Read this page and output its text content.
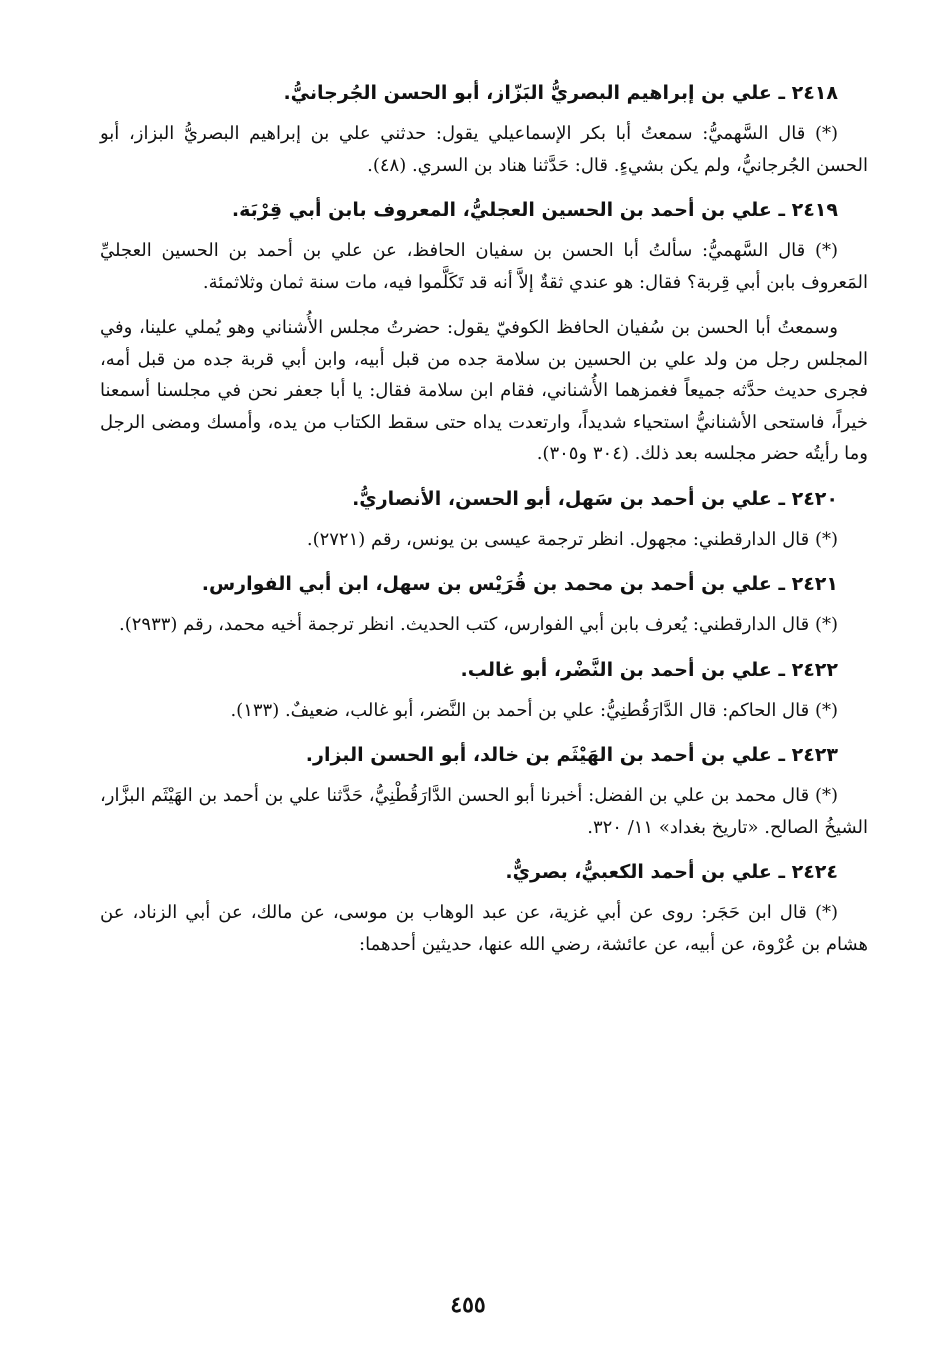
٢٤١٨ ـ علي بن إبراهيم البصريُّ البَزّاز، أبو الحسن الجُرجانيُّ.

(*) قال السَّهميُّ: سمعتُ أبا بكر الإسماعيلي يقول: حدثني علي بن إبراهيم البصريُّ البزاز، أبو الحسن الجُرجانيُّ، ولم يكن بشيءٍ. قال: حَدَّثنا هناد بن السري. (٤٨).

٢٤١٩ ـ علي بن أحمد بن الحسين العجليُّ، المعروف بابن أبي قِرْبَة.

(*) قال السَّهميُّ: سألتُ أبا الحسن بن سفيان الحافظ، عن علي بن أحمد بن الحسين العجليِّ المَعروف بابن أبي قِربة؟ فقال: هو عندي ثقةٌ إلاَّ أنه قد تَكَلَّموا فيه، مات سنة ثمان وثلاثمئة.

وسمعتُ أبا الحسن بن سُفيان الحافظ الكوفيّ يقول: حضرتُ مجلس الأُشناني وهو يُملي علينا، وفي المجلس رجل من ولد علي بن الحسين بن سلامة جده من قبل أبيه، وابن أبي قربة جده من قبل أمه، فجرى حديث حدَّثه جميعاً فغمزهما الأُشناني، فقام ابن سلامة فقال: يا أبا جعفر نحن في مجلسنا أسمعنا خيراً، فاستحى الأشنانيُّ استحياء شديداً، وارتعدت يداه حتى سقط الكتاب من يده، وأمسك ومضى الرجل وما رأيتُه حضر مجلسه بعد ذلك. (٣٠٤ و٣٠٥).

٢٤٢٠ ـ علي بن أحمد بن سَهل، أبو الحسن، الأنصاريُّ.

(*) قال الدارقطني: مجهول. انظر ترجمة عيسى بن يونس، رقم (٢٧٢١).

٢٤٢١ ـ علي بن أحمد بن محمد بن قُرَيْس بن سهل، ابن أبي الفوارس.

(*) قال الدارقطني: يُعرف بابن أبي الفوارس، كتب الحديث. انظر ترجمة أخيه محمد، رقم (٢٩٣٣).

٢٤٢٢ ـ علي بن أحمد بن النَّضْر، أبو غالب.

(*) قال الحاكم: قال الدَّارَقُطنِيُّ: علي بن أحمد بن النَّضر، أبو غالب، ضعيفٌ. (١٣٣).

٢٤٢٣ ـ علي بن أحمد بن الهَيْثَم بن خالد، أبو الحسن البزار.

(*) قال محمد بن علي بن الفضل: أخبرنا أبو الحسن الدَّارَقُطْنِيُّ، حَدَّثنا علي بن أحمد بن الهَيْثَم البزَّار، الشيخُ الصالح. «تاريخ بغداد» ١١/ ٣٢٠.

٢٤٢٤ ـ علي بن أحمد الكعبيُّ، بصريٌّ.

(*) قال ابن حَجَر: روى عن أبي غزية، عن عبد الوهاب بن موسى، عن مالك، عن أبي الزناد، عن هشام بن عُرْوة، عن أبيه، عن عائشة، رضي الله عنها، حديثين أحدهما:

٤٥٥
